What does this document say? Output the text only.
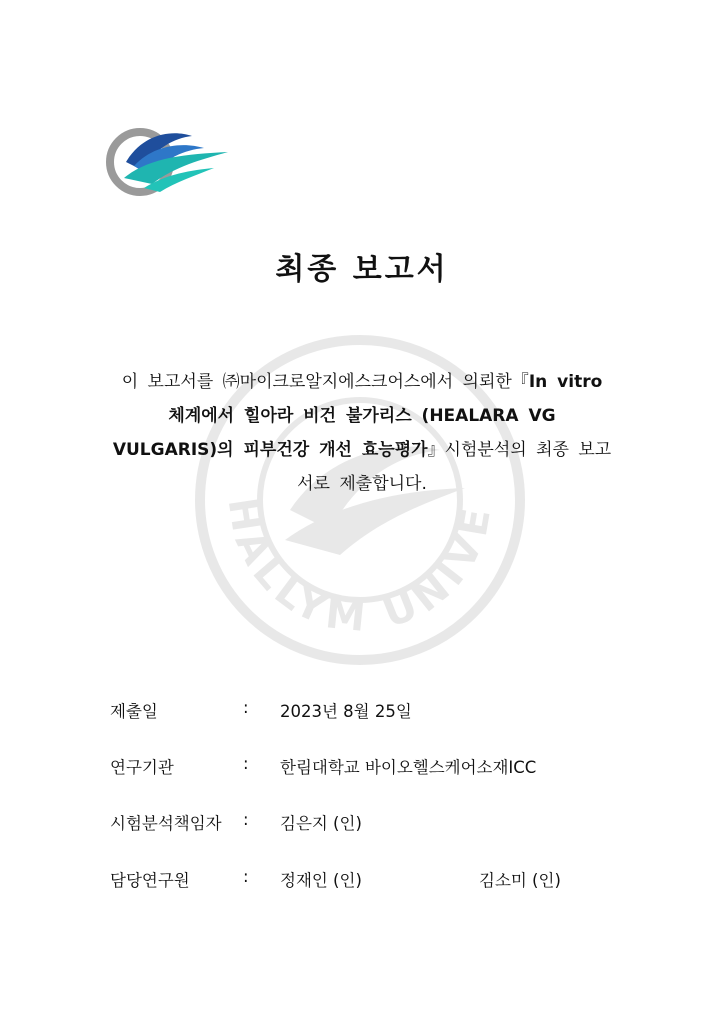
HALLYM UNIVE
최종 보고서
이 보고서를 ㈜마이크로알지에스크어스에서 의뢰한『In vitro 체계에서 힐아라 비건 불가리스 (HEALARA VG VULGARIS)의 피부건강 개선 효능평가』시험분석의 최종 보고서로 제출합니다.
제출일	: 2023년 8월 25일
연구기관	: 한림대학교 바이오헬스케어소재ICC
시험분석책임자 : 김은지 (인)
담당연구원	: 정재인 (인)	김소미 (인)
